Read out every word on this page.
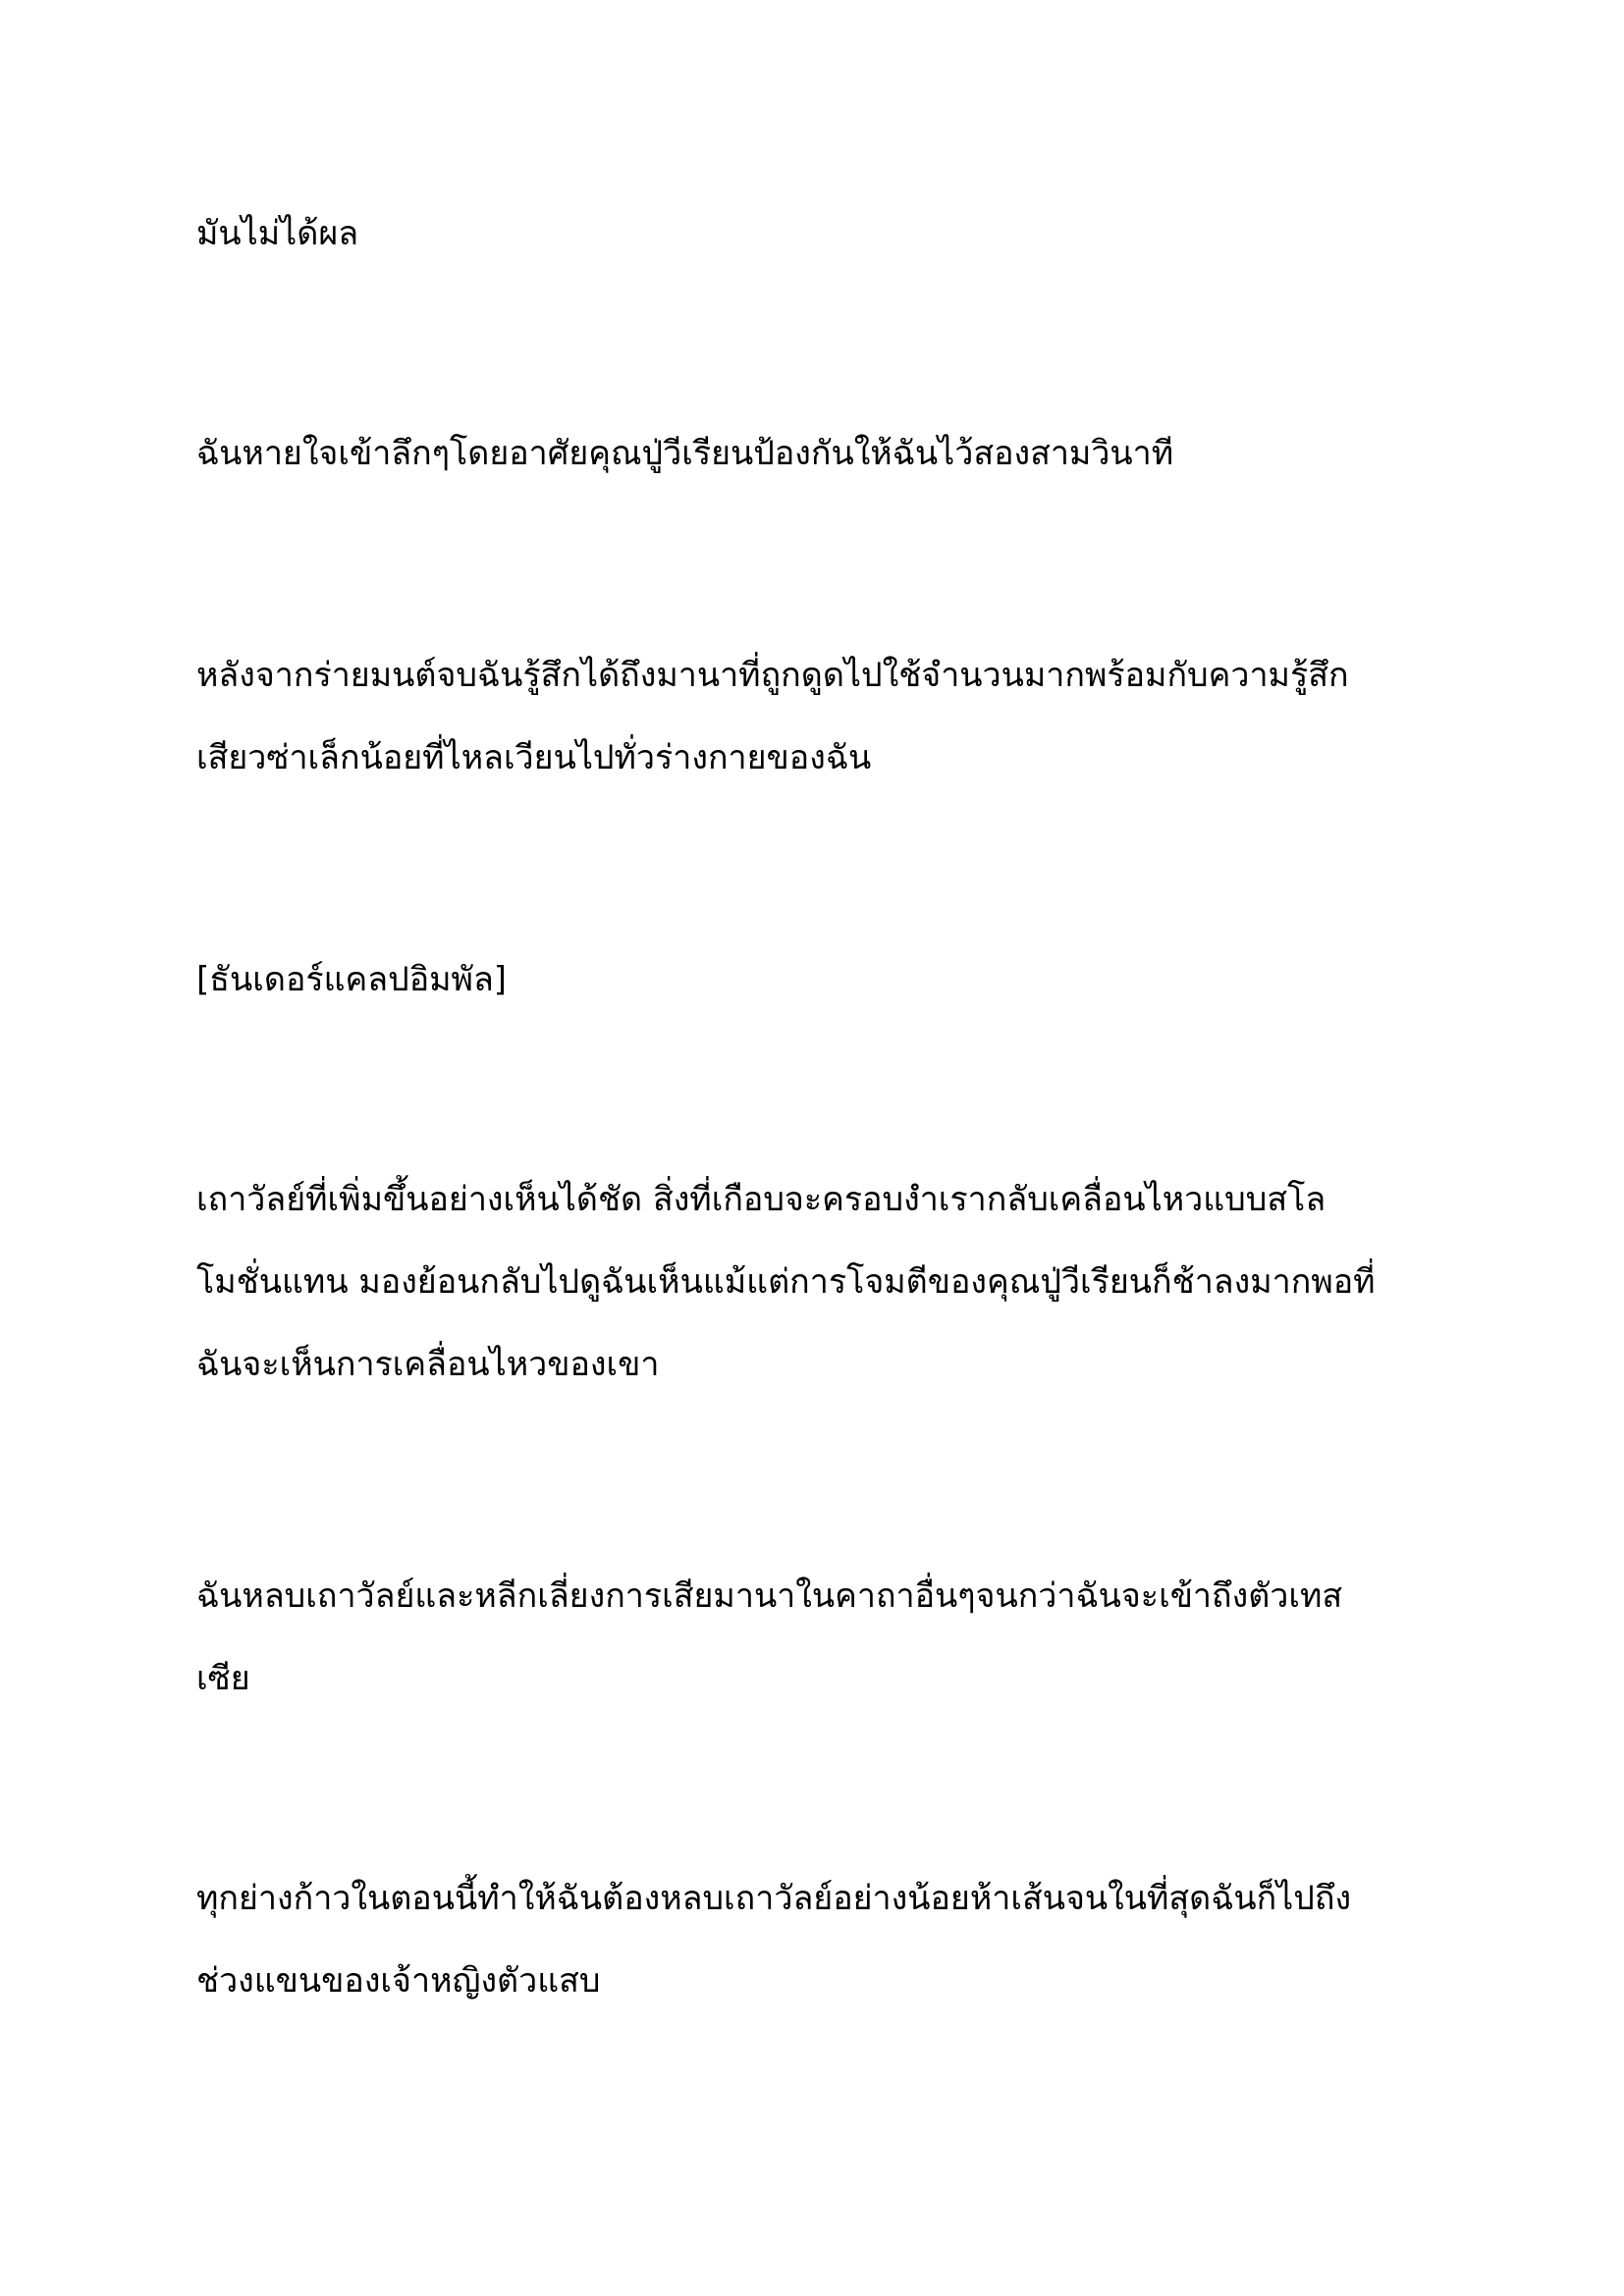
มันไม่ได้ผล

ฉันหายใจเข้าลึกๆโดยอาศัยคุณปู่วีเรียนป้องกันให้ฉันไว้สองสามวินาที

หลังจากร่ายมนต์จบฉันรู้สึกได้ถึงมานาที่ถูกดูดไปใช้จำนวนมากพร้อมกับความรู้สึก
เสียวซ่าเล็กน้อยที่ไหลเวียนไปทั่วร่างกายของฉัน

[ธันเดอร์แคลปอิมพัล]

เถาวัลย์ที่เพิ่มขึ้นอย่างเห็นได้ชัด สิ่งที่เกือบจะครอบงำเรากลับเคลื่อนไหวแบบสโล
โมชั่นแทน มองย้อนกลับไปดูฉันเห็นแม้แต่การโจมตีของคุณปู่วีเรียนก็ช้าลงมากพอที่
ฉันจะเห็นการเคลื่อนไหวของเขา

ฉันหลบเถาวัลย์และหลีกเลี่ยงการเสียมานาในคาถาอื่นๆจนกว่าฉันจะเข้าถึงตัวเทส
เซีย

ทุกย่างก้าวในตอนนี้ทำให้ฉันต้องหลบเถาวัลย์อย่างน้อยห้าเส้นจนในที่สุดฉันก็ไปถึง
ช่วงแขนของเจ้าหญิงตัวแสบ
